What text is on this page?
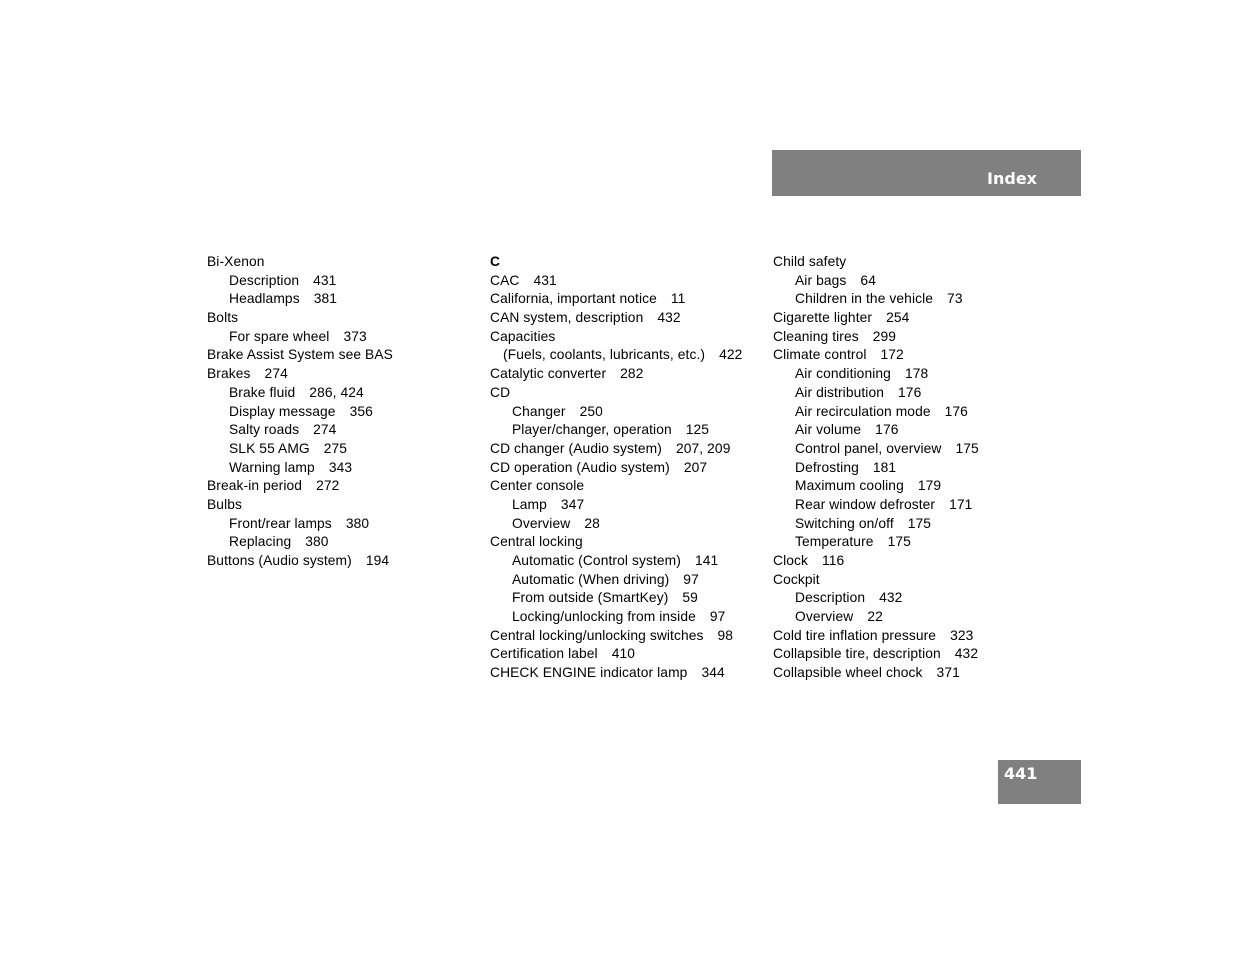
Index
Bi-Xenon
Description 431
Headlamps 381
Bolts
For spare wheel 373
Brake Assist System see BAS
Brakes 274
Brake fluid 286, 424
Display message 356
Salty roads 274
SLK 55 AMG 275
Warning lamp 343
Break-in period 272
Bulbs
Front/rear lamps 380
Replacing 380
Buttons (Audio system) 194
C
CAC 431
California, important notice 11
CAN system, description 432
Capacities
(Fuels, coolants, lubricants, etc.) 422
Catalytic converter 282
CD
Changer 250
Player/changer, operation 125
CD changer (Audio system) 207, 209
CD operation (Audio system) 207
Center console
Lamp 347
Overview 28
Central locking
Automatic (Control system) 141
Automatic (When driving) 97
From outside (SmartKey) 59
Locking/unlocking from inside 97
Central locking/unlocking switches 98
Certification label 410
CHECK ENGINE indicator lamp 344
Child safety
Air bags 64
Children in the vehicle 73
Cigarette lighter 254
Cleaning tires 299
Climate control 172
Air conditioning 178
Air distribution 176
Air recirculation mode 176
Air volume 176
Control panel, overview 175
Defrosting 181
Maximum cooling 179
Rear window defroster 171
Switching on/off 175
Temperature 175
Clock 116
Cockpit
Description 432
Overview 22
Cold tire inflation pressure 323
Collapsible tire, description 432
Collapsible wheel chock 371
441
